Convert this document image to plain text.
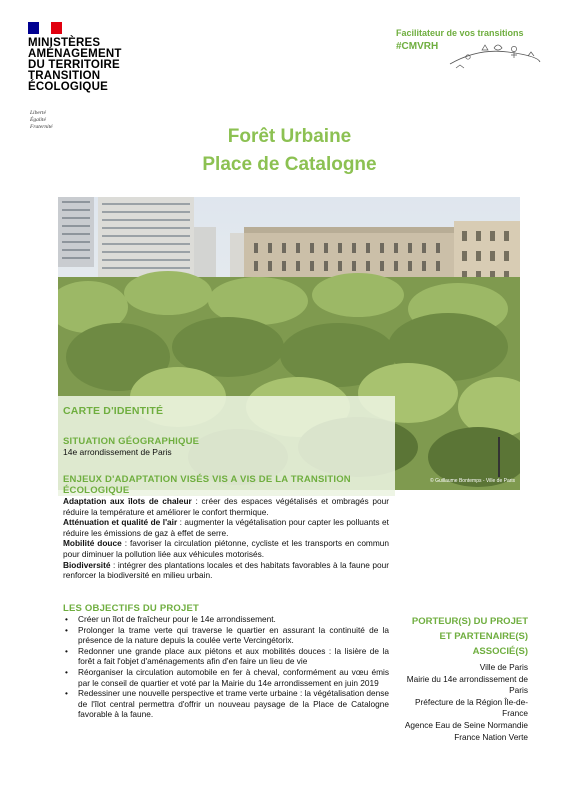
MINISTÈRES
AMÉNAGEMENT
DU TERRITOIRE
TRANSITION
ÉCOLOGIQUE
Liberté
Égalité
Fraternité
Facilitateur de vos transitions
#CMVRH
Forêt Urbaine
Place de Catalogne
© Guillaume Bontemps - Ville de Paris
CARTE D'IDENTITÉ
SITUATION GÉOGRAPHIQUE
14e arrondissement de Paris
ENJEUX D'ADAPTATION VISÉS VIS A VIS DE LA TRANSITION ÉCOLOGIQUE

Adaptation aux îlots de chaleur : créer des espaces végétalisés et ombragés pour réduire la température et améliorer le confort thermique.

Atténuation et qualité de l'air : augmenter la végétalisation pour capter les polluants et réduire les émissions de gaz à effet de serre.

Mobilité douce : favoriser la circulation piétonne, cycliste et les transports en commun pour diminuer la pollution liée aux véhicules motorisés.

Biodiversité : intégrer des plantations locales et des habitats favorables à la faune pour renforcer la biodiversité en milieu urbain.

LES OBJECTIFS DU PROJET
• Créer un îlot de fraîcheur pour le 14e arrondissement.
• Prolonger la trame verte qui traverse le quartier en assurant la continuité de la présence de la nature depuis la coulée verte Vercingétorix.
• Redonner une grande place aux piétons et aux mobilités douces : la lisière de la forêt a fait l'objet d'aménagements afin d'en faire un lieu de vie
• Réorganiser la circulation automobile en fer à cheval, conformément au vœu émis par le conseil de quartier et voté par la Mairie du 14e arrondissement en juin 2019
• Redessiner une nouvelle perspective et trame verte urbaine : la végétalisation dense de l'îlot central permettra d'offrir un nouveau paysage de la Place de Catalogne favorable à la faune.
PORTEUR(S) DU PROJET ET PARTENAIRE(S) ASSOCIÉ(S)
Ville de Paris
Mairie du 14e arrondissement de Paris
Préfecture de la Région Île-de-France
Agence Eau de Seine Normandie
France Nation Verte
